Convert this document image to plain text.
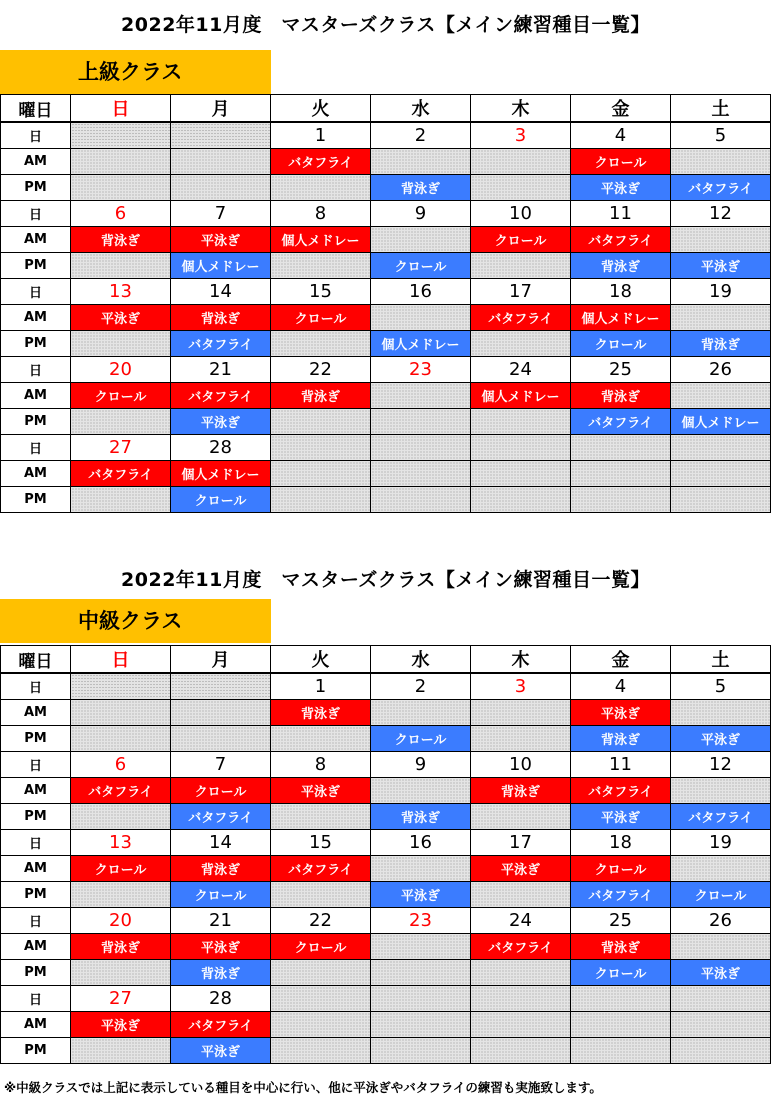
2022年11月度　マスターズクラス【メイン練習種目一覧】
上級クラス
曜日	日	月	火	水	木	金	土
日			1	2	3	4	5
AM			バタフライ			クロール	
PM				背泳ぎ		平泳ぎ	バタフライ
日	6	7	8	9	10	11	12
AM	背泳ぎ	平泳ぎ	個人メドレー		クロール	バタフライ	
PM		個人メドレー		クロール		背泳ぎ	平泳ぎ
日	13	14	15	16	17	18	19
AM	平泳ぎ	背泳ぎ	クロール		バタフライ	個人メドレー	
PM		バタフライ		個人メドレー		クロール	背泳ぎ
日	20	21	22	23	24	25	26
AM	クロール	バタフライ	背泳ぎ		個人メドレー	背泳ぎ	
PM		平泳ぎ				バタフライ	個人メドレー
日	27	28					
AM	バタフライ	個人メドレー					
PM		クロール					
2022年11月度　マスターズクラス【メイン練習種目一覧】
中級クラス
曜日	日	月	火	水	木	金	土
日			1	2	3	4	5
AM			背泳ぎ			平泳ぎ	
PM				クロール		背泳ぎ	平泳ぎ
日	6	7	8	9	10	11	12
AM	バタフライ	クロール	平泳ぎ		背泳ぎ	バタフライ	
PM		バタフライ		背泳ぎ		平泳ぎ	バタフライ
日	13	14	15	16	17	18	19
AM	クロール	背泳ぎ	バタフライ		平泳ぎ	クロール	
PM		クロール		平泳ぎ		バタフライ	クロール
日	20	21	22	23	24	25	26
AM	背泳ぎ	平泳ぎ	クロール		バタフライ	背泳ぎ	
PM		背泳ぎ				クロール	平泳ぎ
日	27	28					
AM	平泳ぎ	バタフライ					
PM		平泳ぎ					
※中級クラスでは上記に表示している種目を中心に行い、他に平泳ぎやバタフライの練習も実施致します。
